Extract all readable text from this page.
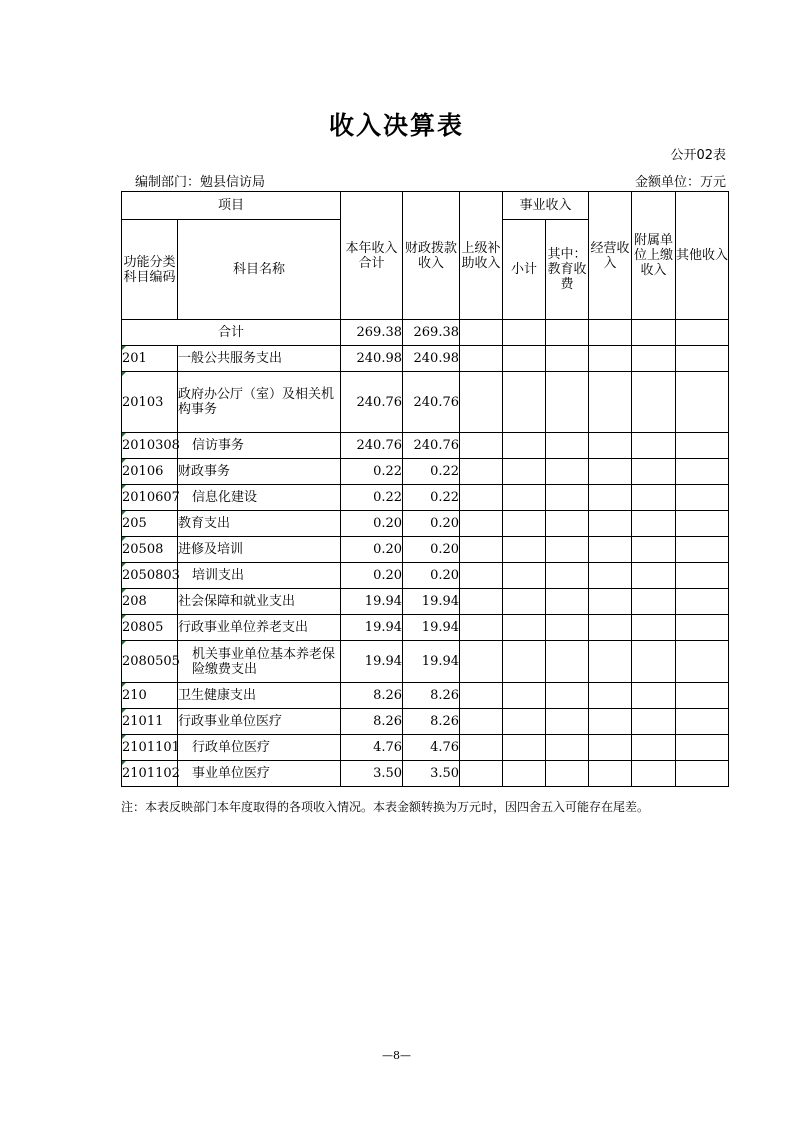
收入决算表
公开02表
编制部门：勉县信访局	金额单位：万元
项目		本年收入合计	财政拨款收入	上级补助收入	事业收入		经营收入	附属单位上缴收入	其他收入
功能分类科目编码	科目名称				小计	其中：教育收费			
合计		269.38	269.38						
201	一般公共服务支出	240.98	240.98						
20103	政府办公厅（室）及相关机构事务	240.76	240.76						
2010308	信访事务	240.76	240.76						
20106	财政事务	0.22	0.22						
2010607	信息化建设	0.22	0.22						
205	教育支出	0.20	0.20						
20508	进修及培训	0.20	0.20						
2050803	培训支出	0.20	0.20						
208	社会保障和就业支出	19.94	19.94						
20805	行政事业单位养老支出	19.94	19.94						
2080505	机关事业单位基本养老保险缴费支出	19.94	19.94						
210	卫生健康支出	8.26	8.26						
21011	行政事业单位医疗	8.26	8.26						
2101101	行政单位医疗	4.76	4.76						
2101102	事业单位医疗	3.50	3.50						
注：本表反映部门本年度取得的各项收入情况。本表金额转换为万元时，因四舍五入可能存在尾差。
—8—
